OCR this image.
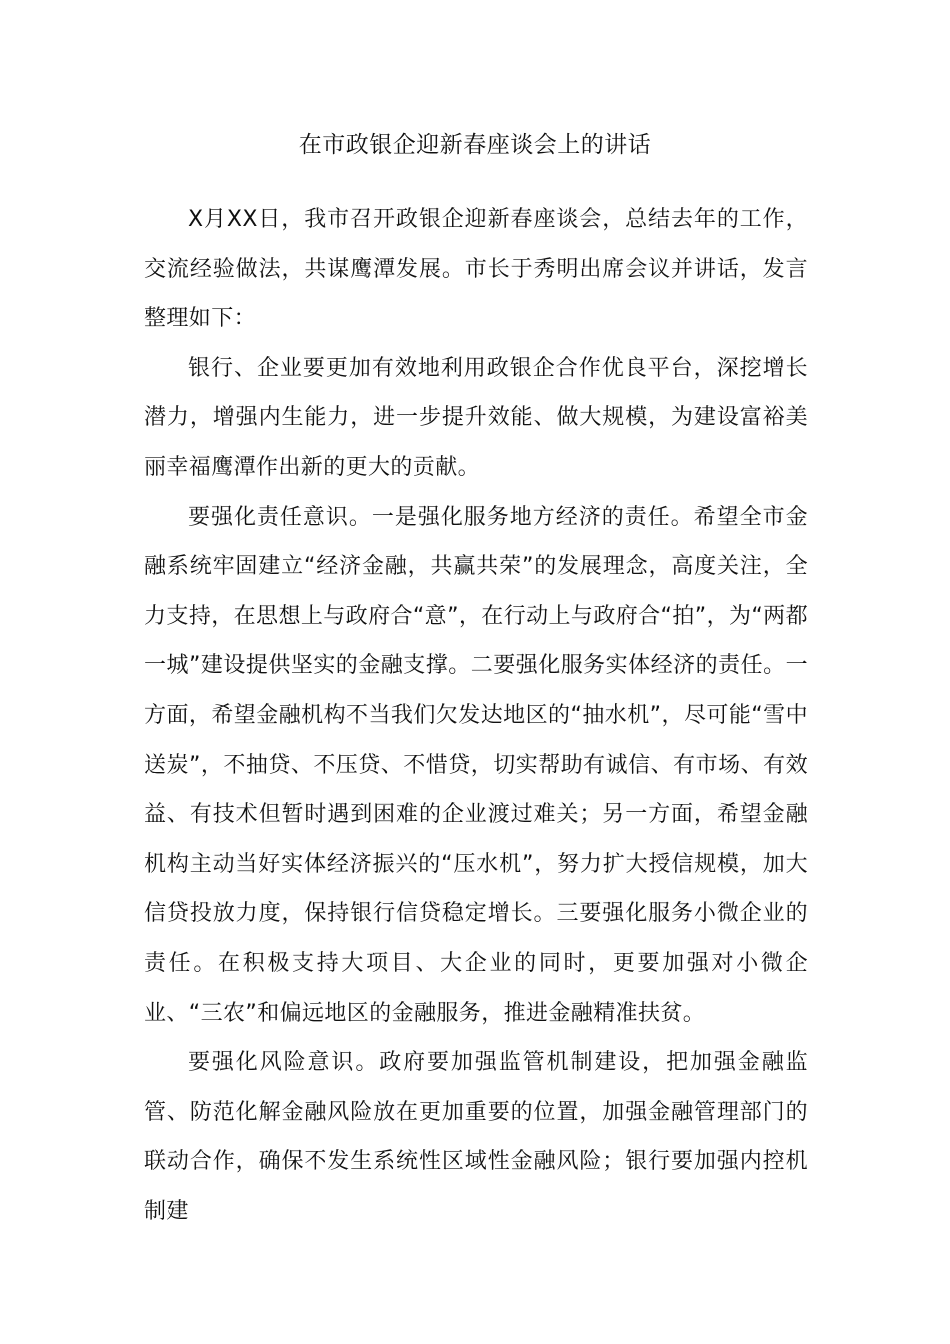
在市政银企迎新春座谈会上的讲话

X月XX日，我市召开政银企迎新春座谈会，总结去年的工作，交流经验做法，共谋鹰潭发展。市长于秀明出席会议并讲话，发言整理如下：

银行、企业要更加有效地利用政银企合作优良平台，深挖增长潜力，增强内生能力，进一步提升效能、做大规模，为建设富裕美丽幸福鹰潭作出新的更大的贡献。

要强化责任意识。一是强化服务地方经济的责任。希望全市金融系统牢固建立“经济金融，共赢共荣”的发展理念，高度关注，全力支持，在思想上与政府合“意”，在行动上与政府合“拍”，为“两都一城”建设提供坚实的金融支撑。二要强化服务实体经济的责任。一方面，希望金融机构不当我们欠发达地区的“抽水机”，尽可能“雪中送炭”，不抽贷、不压贷、不惜贷，切实帮助有诚信、有市场、有效益、有技术但暂时遇到困难的企业渡过难关；另一方面，希望金融机构主动当好实体经济振兴的“压水机”，努力扩大授信规模，加大信贷投放力度，保持银行信贷稳定增长。三要强化服务小微企业的责任。在积极支持大项目、大企业的同时，更要加强对小微企业、“三农”和偏远地区的金融服务，推进金融精准扶贫。

要强化风险意识。政府要加强监管机制建设，把加强金融监管、防范化解金融风险放在更加重要的位置，加强金融管理部门的联动合作，确保不发生系统性区域性金融风险；银行要加强内控机制建
